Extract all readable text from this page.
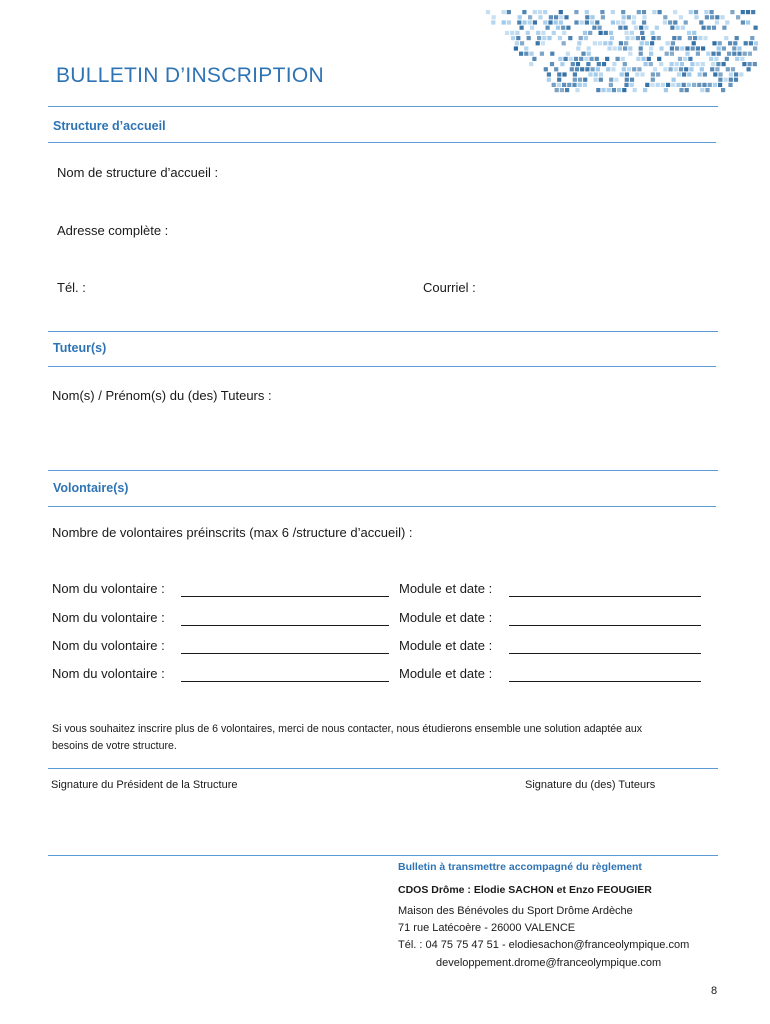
BULLETIN D’INSCRIPTION
Structure d’accueil
Nom de structure d’accueil :
Adresse complète :
Tél. :	Courriel :
Tuteur(s)
Nom(s) / Prénom(s) du (des) Tuteurs :
Volontaire(s)
Nombre de volontaires préinscrits (max 6 /structure d’accueil) :
Nom du volontaire :	Module et date :
Nom du volontaire :	Module et date :
Nom du volontaire :	Module et date :
Nom du volontaire :	Module et date :
Si vous souhaitez inscrire plus de 6 volontaires, merci de nous contacter, nous étudierons ensemble une solution adaptée aux
besoins de votre structure.
Signature du Président de la Structure	Signature du (des) Tuteurs
Bulletin à transmettre accompagné du règlement
CDOS Drôme : Elodie SACHON et Enzo FEOUGIER
Maison des Bénévoles du Sport Drôme Ardèche
71 rue Latécoère - 26000 VALENCE
Tél. : 04 75 75 47 51 - elodiesachon@franceolympique.com
developpement.drome@franceolympique.com
8
